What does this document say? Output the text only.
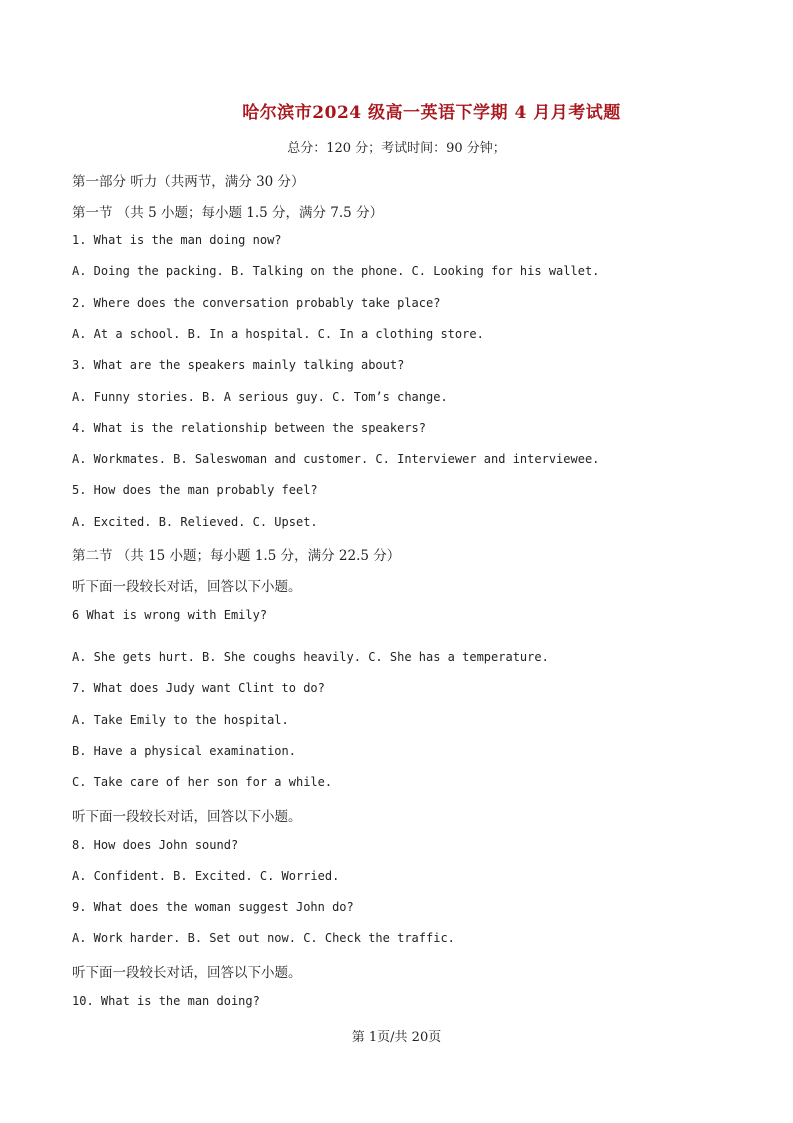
哈尔滨市2024 级高一英语下学期 4 月月考试题
总分：120 分；考试时间：90 分钟；
第一部分 听力（共两节，满分 30 分）
第一节 （共 5 小题；每小题 1.5 分，满分 7.5 分）
1. What is the man doing now?
A. Doing the packing. B. Talking on the phone. C. Looking for his wallet.
2. Where does the conversation probably take place?
A. At a school. B. In a hospital. C. In a clothing store.
3. What are the speakers mainly talking about?
A. Funny stories. B. A serious guy. C. Tom’s change.
4. What is the relationship between the speakers?
A. Workmates. B. Saleswoman and customer. C. Interviewer and interviewee.
5. How does the man probably feel?
A. Excited. B. Relieved. C. Upset.
第二节 （共 15 小题；每小题 1.5 分，满分 22.5 分）
听下面一段较长对话，回答以下小题。
6 What is wrong with Emily?
A. She gets hurt. B. She coughs heavily. C. She has a temperature.
7. What does Judy want Clint to do?
A. Take Emily to the hospital.
B. Have a physical examination.
C. Take care of her son for a while.
听下面一段较长对话，回答以下小题。
8. How does John sound?
A. Confident. B. Excited. C. Worried.
9. What does the woman suggest John do?
A. Work harder. B. Set out now. C. Check the traffic.
听下面一段较长对话，回答以下小题。
10. What is the man doing?
第 1页/共 20页
